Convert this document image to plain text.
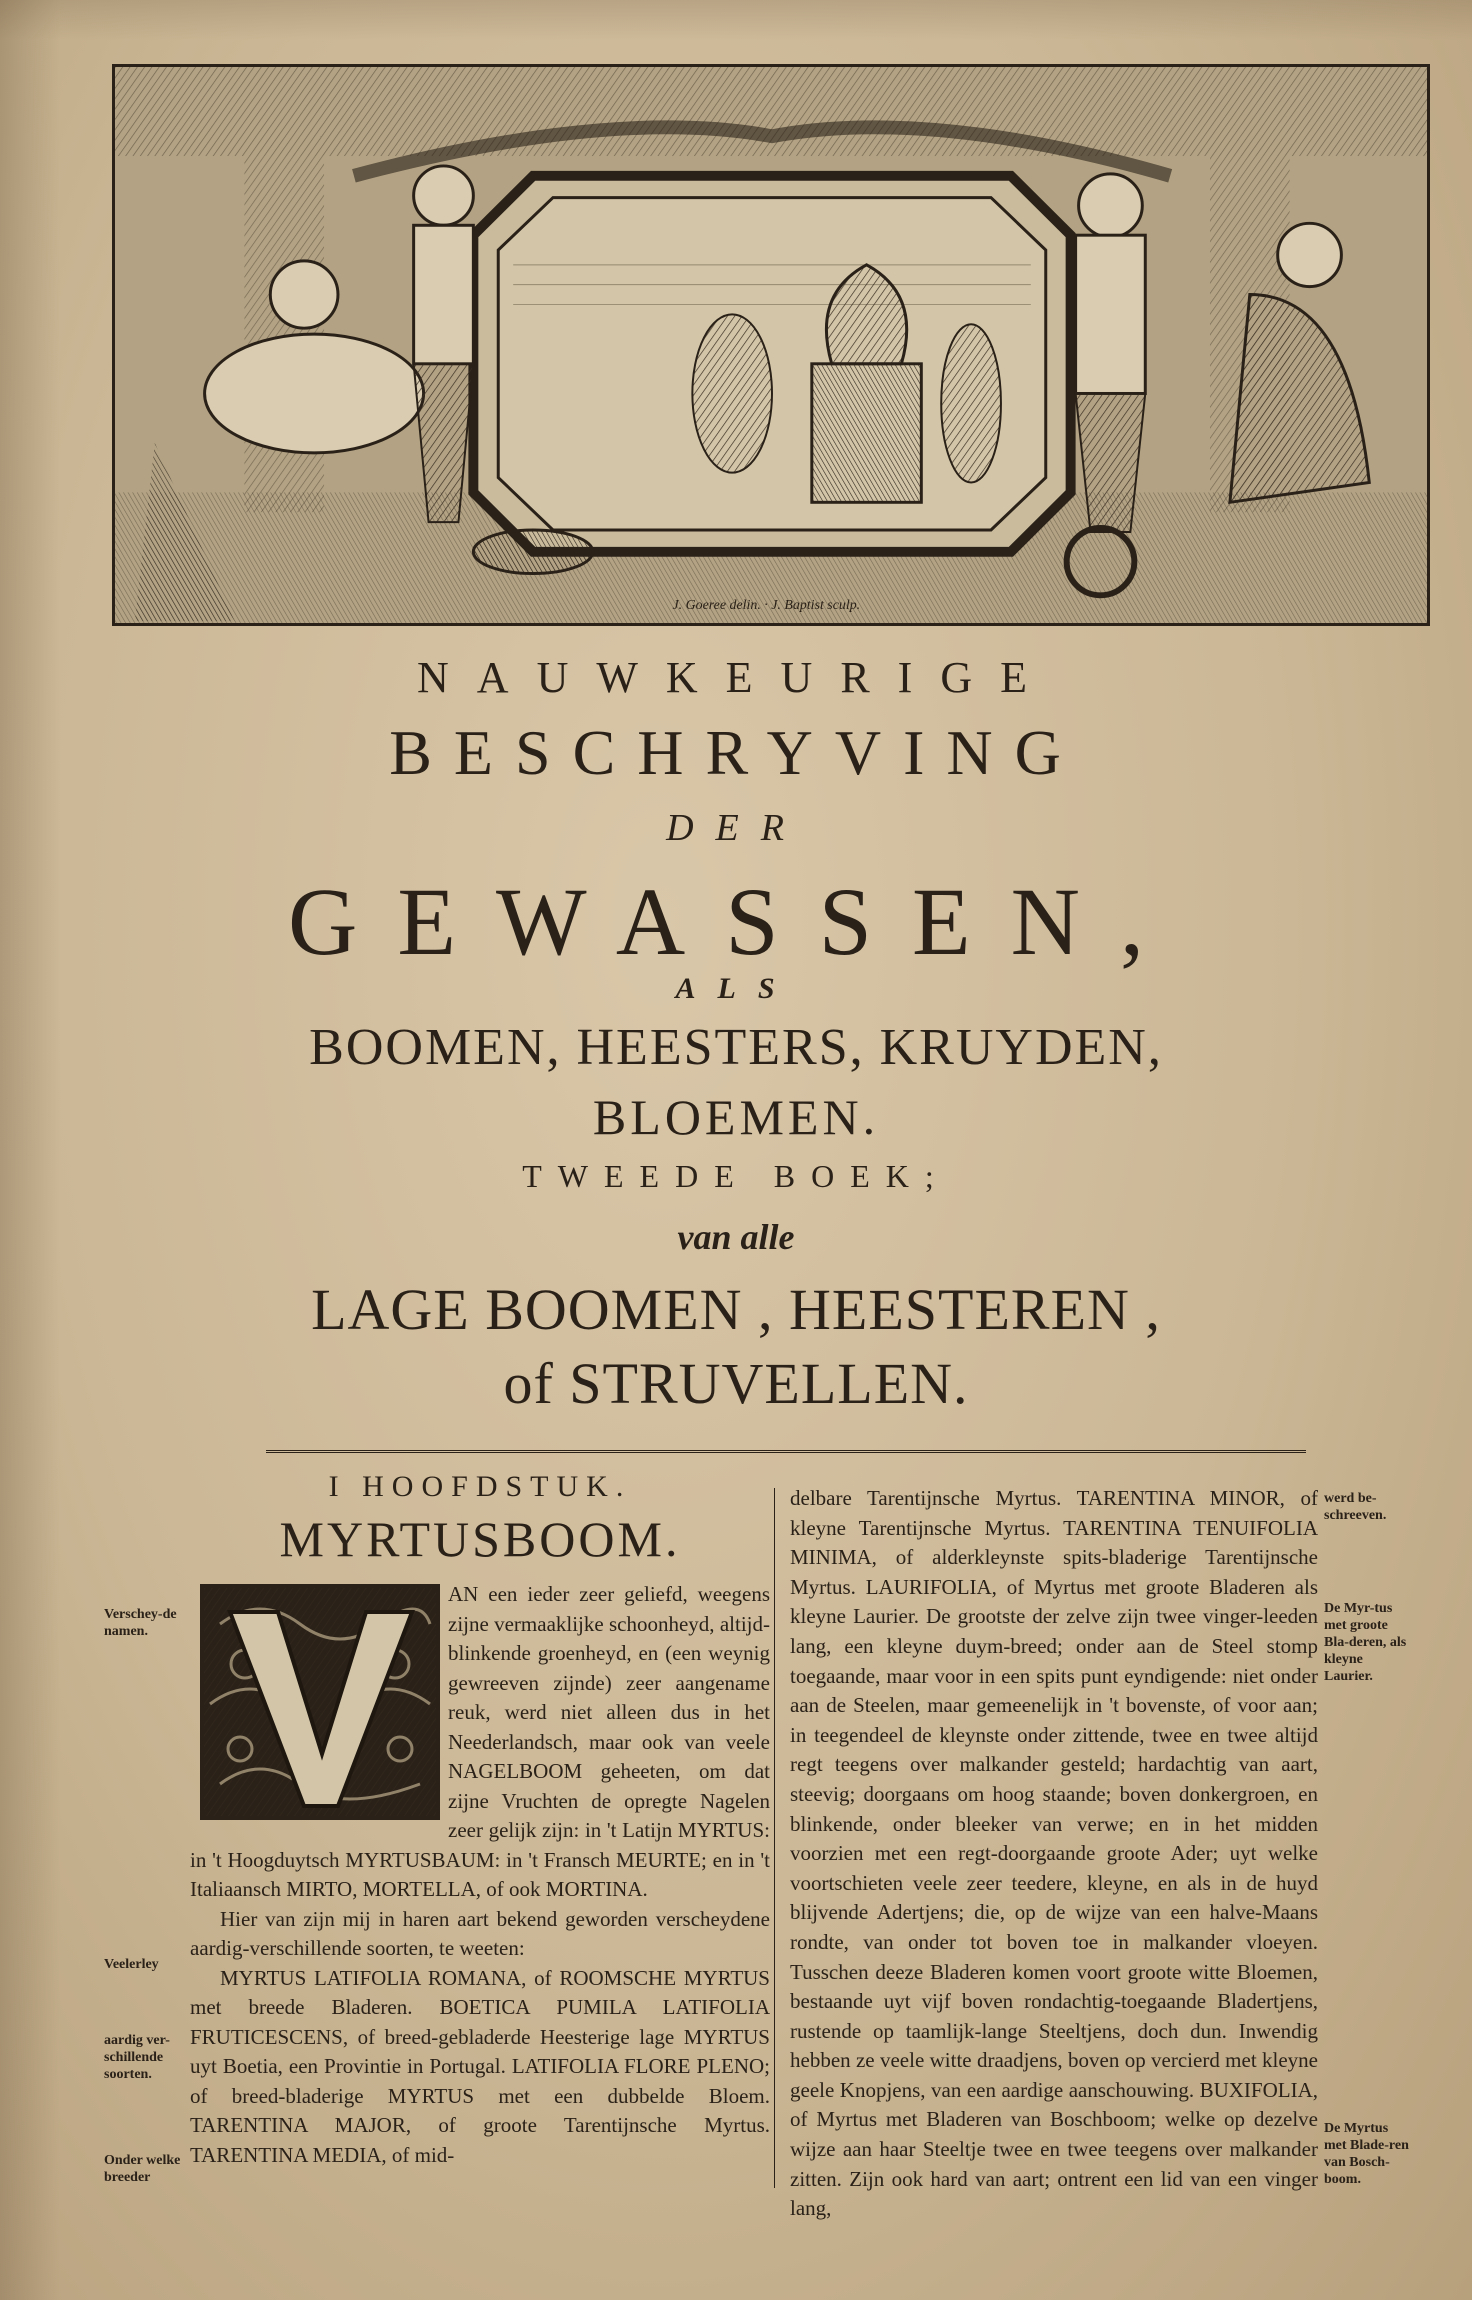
J. Goeree delin. · J. Baptist sculp.
NAUWKEURIGE
BESCHRYVING
DER
GEWASSEN,
ALS
BOOMEN, HEESTERS, KRUYDEN,
BLOEMEN.
TWEEDE BOEK;
van alle
LAGE BOOMEN , HEESTEREN ,
of STRUVELLEN.
I HOOFDSTUK.
MYRTUSBOOM.

AN een ieder zeer geliefd, weegens zijne vermaaklijke schoonheyd, altijd-blinkende groenheyd, en (een weynig gewreeven zijnde) zeer aangename reuk, werd niet alleen dus in het Neederlandsch, maar ook van veele NAGELBOOM geheeten, om dat zijne Vruchten de opregte Nagelen zeer gelijk zijn: in 't Latijn MYRTUS: in 't Hoogduytsch MYRTUSBAUM: in 't Fransch MEURTE; en in 't Italiaansch MIRTO, MORTELLA, of ook MORTINA.

Hier van zijn mij in haren aart bekend geworden verscheydene aardig-verschillende soorten, te weeten:

MYRTUS LATIFOLIA ROMANA, of ROOMSCHE MYRTUS met breede Bladeren. BOETICA PUMILA LATIFOLIA FRUTICESCENS, of breed-gebladerde Heesterige lage MYRTUS uyt Boetia, een Provintie in Portugal. LATIFOLIA FLORE PLENO; of breed-bladerige MYRTUS met een dubbelde Bloem. TARENTINA MAJOR, of groote Tarentijnsche Myrtus. TARENTINA MEDIA, of mid-

delbare Tarentijnsche Myrtus. TARENTINA MINOR, of kleyne Tarentijnsche Myrtus. TARENTINA TENUIFOLIA MINIMA, of alderkleynste spits-bladerige Tarentijnsche Myrtus. LAURIFOLIA, of Myrtus met groote Bladeren als kleyne Laurier. De grootste der zelve zijn twee vinger-leeden lang, een kleyne duym-breed; onder aan de Steel stomp toegaande, maar voor in een spits punt eyndigende: niet onder aan de Steelen, maar gemeenelijk in 't bovenste, of voor aan; in teegendeel de kleynste onder zittende, twee en twee altijd regt teegens over malkander gesteld; hardachtig van aart, steevig; doorgaans om hoog staande; boven donkergroen, en blinkende, onder bleeker van verwe; en in het midden voorzien met een regt-doorgaande groote Ader; uyt welke voortschieten veele zeer teedere, kleyne, en als in de huyd blijvende Adertjens; die, op de wijze van een halve-Maans rondte, van onder tot boven toe in malkander vloeyen. Tusschen deeze Bladeren komen voort groote witte Bloemen, bestaande uyt vijf boven rondachtig-toegaande Bladertjens, rustende op taamlijk-lange Steeltjens, doch dun. Inwendig hebben ze veele witte draadjens, boven op vercierd met kleyne geele Knopjens, van een aardige aanschouwing. BUXIFOLIA, of Myrtus met Bladeren van Boschboom; welke op dezelve wijze aan haar Steeltje twee en twee teegens over malkander zitten. Zijn ook hard van aart; ontrent een lid van een vinger lang,

Verschey-de namen.

Veelerley

aardig ver-schillende soorten.

Onder welke breeder

werd be-schreeven.

De Myr-tus met groote Bla-deren, als kleyne Laurier.

De Myrtus met Blade-ren van Bosch-boom.
